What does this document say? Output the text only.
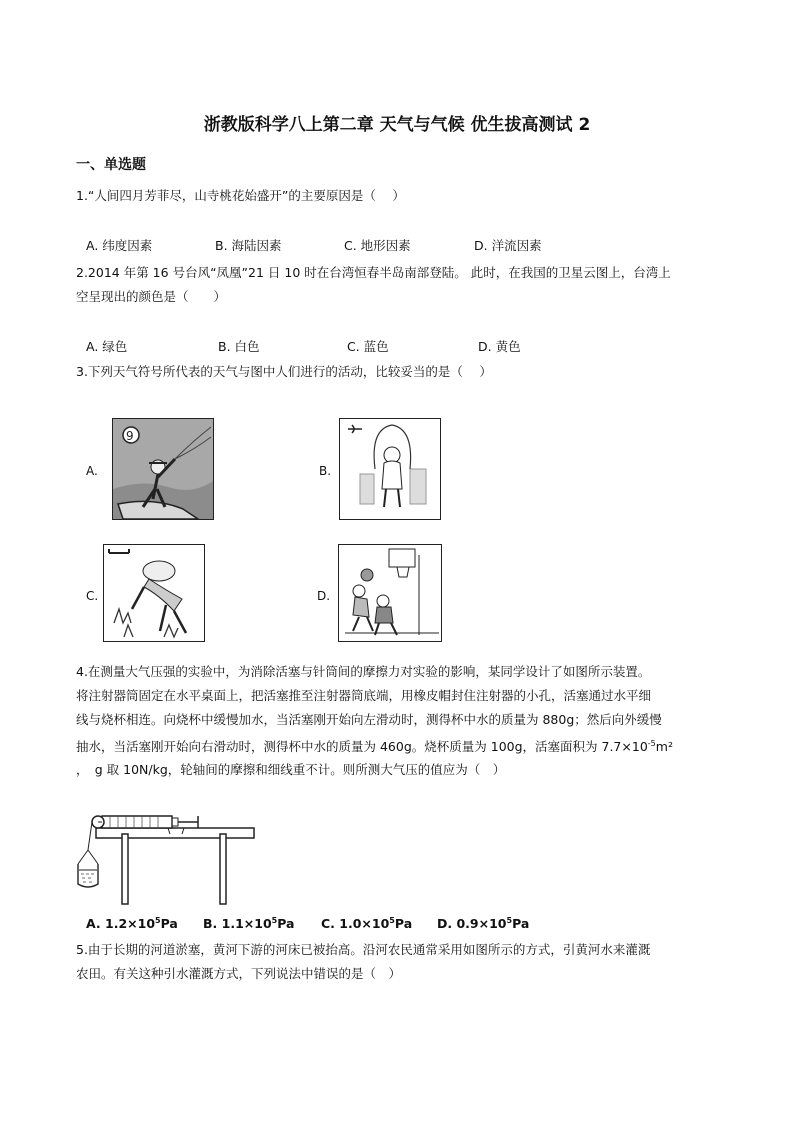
浙教版科学八上第二章 天气与气候 优生拔高测试 2
一、单选题
1.“人间四月芳菲尽，山寺桃花始盛开”的主要原因是（　 ）
A. 纬度因素	B. 海陆因素	C. 地形因素	D. 洋流因素
2.2014 年第 16 号台风“凤凰”21 日 10 时在台湾恒春半岛南部登陆。 此时，在我国的卫星云图上，台湾上
空呈现出的颜色是（　　）
A. 绿色	B. 白色	C. 蓝色	D. 黄色
3.下列天气符号所代表的天气与图中人们进行的活动，比较妥当的是（　 ）
A.
9
B.
C.	D.
4.在测量大气压强的实验中，为消除活塞与针筒间的摩擦力对实验的影响，某同学设计了如图所示装置。
将注射器筒固定在水平桌面上，把活塞推至注射器筒底端，用橡皮帽封住注射器的小孔，活塞通过水平细
线与烧杯相连。向烧杯中缓慢加水，当活塞刚开始向左滑动时，测得杯中水的质量为 880g；然后向外缓慢
抽水，当活塞刚开始向右滑动时，测得杯中水的质量为 460g。烧杯质量为 100g，活塞面积为 $7.7\times 10^{-5}m^2$
，　g 取 10N/kg，轮轴间的摩擦和细线重不计。则所测大气压的值应为（　）
A. $1.2\times 10^5Pa$ B. $1.1\times 10^5Pa$ C. $1.0\times 10^5Pa$ D. $0.9\times 10^5Pa$
5.由于长期的河道淤塞，黄河下游的河床已被抬高。沿河农民通常采用如图所示的方式，引黄河水来灌溉
农田。有关这种引水灌溉方式，下列说法中错误的是（　）
